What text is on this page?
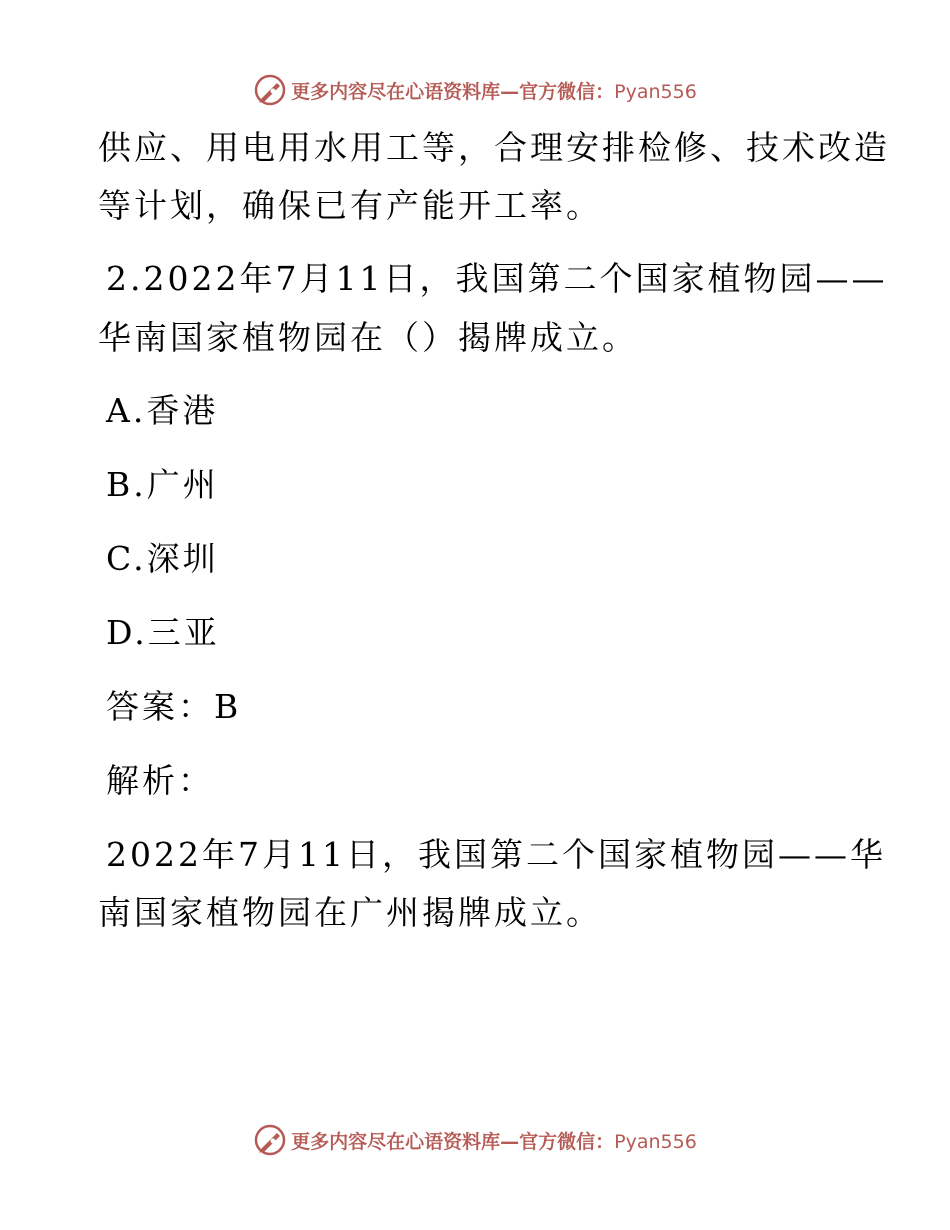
更多内容尽在心语资料库—官方微信：Pyan556
供应、用电用水用工等，合理安排检修、技术改造
等计划，确保已有产能开工率。
2.2022年7月11日，我国第二个国家植物园——
华南国家植物园在（）揭牌成立。
A.香港
B.广州
C.深圳
D.三亚
答案：B
解析：
2022年7月11日，我国第二个国家植物园——华
南国家植物园在广州揭牌成立。
更多内容尽在心语资料库—官方微信：Pyan556
